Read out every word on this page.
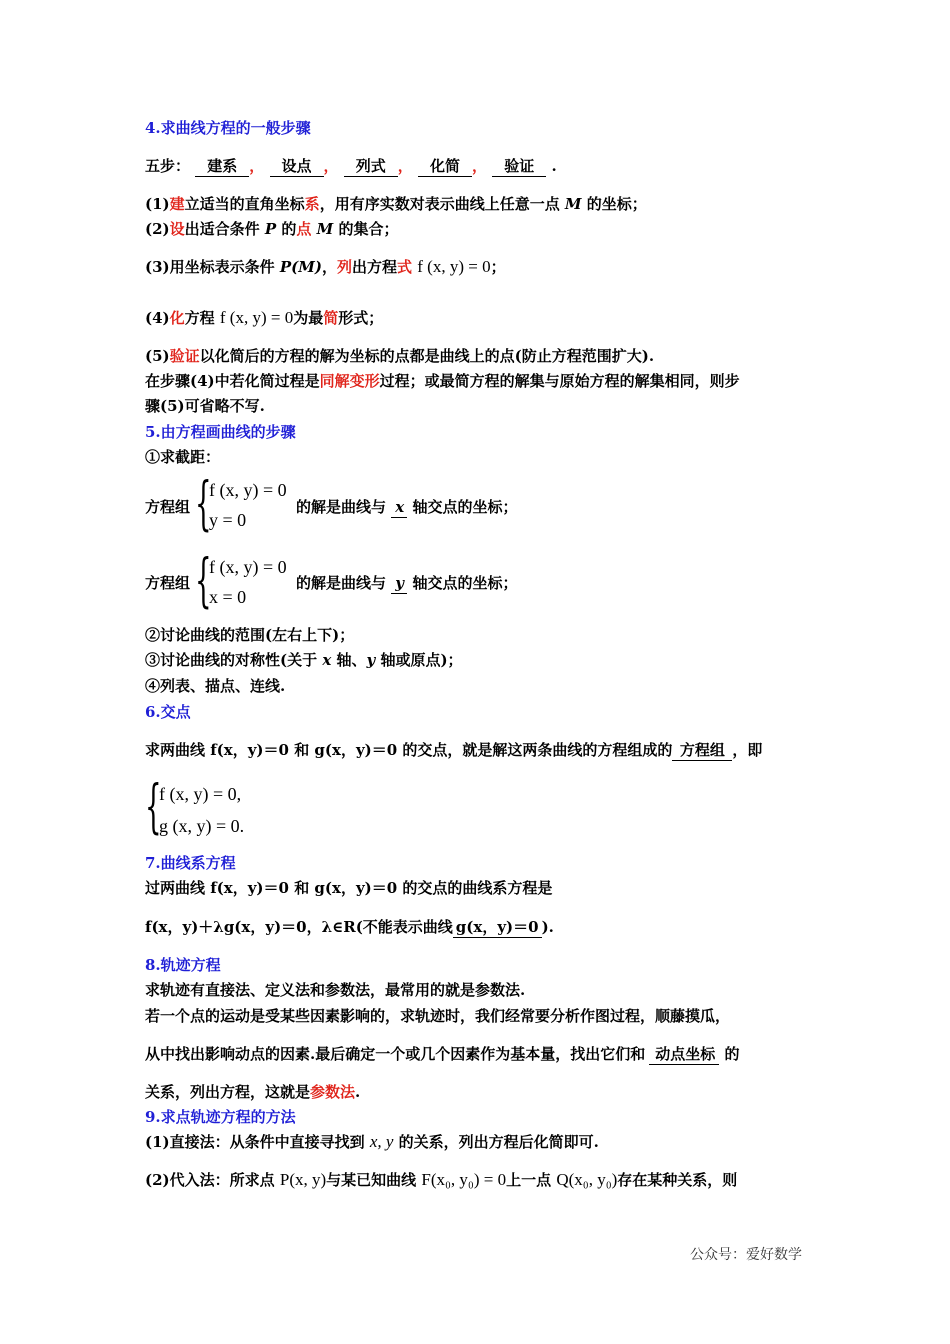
4.求曲线方程的一般步骤
五步： 建系 ， 设点 ， 列式 ， 化简 ， 验证 .
(1)建立适当的直角坐标系，用有序实数对表示曲线上任意一点 M 的坐标；
(2)设出适合条件 P 的点 M 的集合；
(3)用坐标表示条件 P(M)，列出方程式 f (x, y) = 0；
(4)化方程 f (x, y) = 0为最简形式；
(5)验证以化简后的方程的解为坐标的点都是曲线上的点(防止方程范围扩大).
在步骤(4)中若化简过程是同解变形过程；或最简方程的解集与原始方程的解集相同，则步
骤(5)可省略不写.
5.由方程画曲线的步骤
①求截距：
方程组 {
f (x, y) = 0
y = 0
的解是曲线与 x 轴交点的坐标；
方程组 {
f (x, y) = 0
x = 0
的解是曲线与 y 轴交点的坐标；
②讨论曲线的范围(左右上下)；
③讨论曲线的对称性(关于 x 轴、y 轴或原点)；
④列表、描点、连线.
6.交点
求两曲线 f(x，y)＝0 和 g(x，y)＝0 的交点，就是解这两条曲线的方程组成的 方程组 ，即
{
f (x, y) = 0,
g (x, y) = 0.
7.曲线系方程
过两曲线 f(x，y)＝0 和 g(x，y)＝0 的交点的曲线系方程是
f(x，y)＋λg(x，y)＝0，λ∈R(不能表示曲线 g(x，y)＝0 ).
8.轨迹方程
求轨迹有直接法、定义法和参数法，最常用的就是参数法.
若一个点的运动是受某些因素影响的，求轨迹时，我们经常要分析作图过程，顺藤摸瓜，
从中找出影响动点的因素.最后确定一个或几个因素作为基本量，找出它们和 动点坐标 的
关系，列出方程，这就是参数法.
9.求点轨迹方程的方法
(1)直接法：从条件中直接寻找到 x, y 的关系，列出方程后化简即可.
(2)代入法：所求点 P(x, y)与某已知曲线 F(x₀, y₀) = 0上一点 Q(x₀, y₀)存在某种关系，则
公众号：爱好数学
